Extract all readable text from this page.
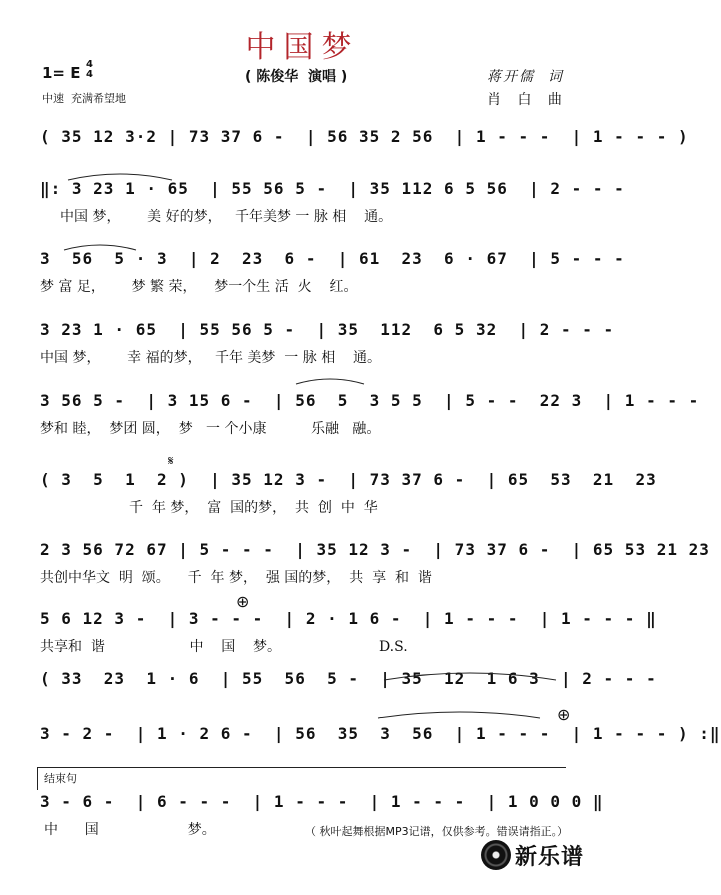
中国梦
1= E 4
4
中速  充满希望地
( 陈俊华  演唱 )	蒋开儒  词
肖 白 曲
( 35 12 3·2 | 73 37 6 -  | 56 35 2 56  | 1 - - -  | 1 - - - )
‖: 3 23 1 · 65  | 55 56 5 -  | 35 112 6 5 56  | 2 - - -
中国 梦，      美 好的梦，   千年美梦 一 脉 相    通。
3  56  5 · 3  | 2  23  6 -  | 61  23  6 · 67  | 5 - - -
梦 富 足，      梦 繁 荣，    梦一个生 活  火    红。
3 23 1 · 65  | 55 56 5 -  | 35  112  6 5 32  | 2 - - -
中国 梦，      幸 福的梦，   千年 美梦  一 脉 相    通。
3 56 5 -  | 3 15 6 -  | 56  5  3 5 5  | 5 - -  22 3  | 1 - - -
梦和 睦，  梦团 圆，  梦   一 个小康          乐融   融。
𝄋
( 3  5  1  2 )  | 35 12 3 -  | 73 37 6 -  | 65  53  21  23
千  年 梦，  富  国的梦，  共  创  中  华
2 3 56 72 67 | 5 - - -  | 35 12 3 -  | 73 37 6 -  | 65 53 21 23
共创中华文  明  颂。    千  年 梦，  强 国的梦，  共  享  和  谐
⊕
5 6 12 3 -  | 3 - - -  | 2 · 1 6 -  | 1 - - -  | 1 - - - ‖
共享和  谐                   中    国    梦。                      D.S.
( 33  23  1 · 6  | 55  56  5 -  | 35  12  1 6 3  | 2 - - -
⊕
3 - 2 -  | 1 · 2 6 -  | 56  35  3  56  | 1 - - -  | 1 - - - ) :‖
结束句
3 - 6 -  | 6 - - -  | 1 - - -  | 1 - - -  | 1 0 0 0 ‖
中      国                    梦。	（ 秋叶起舞根据MP3记谱，仅供参考。错误请指正。）

新乐谱
